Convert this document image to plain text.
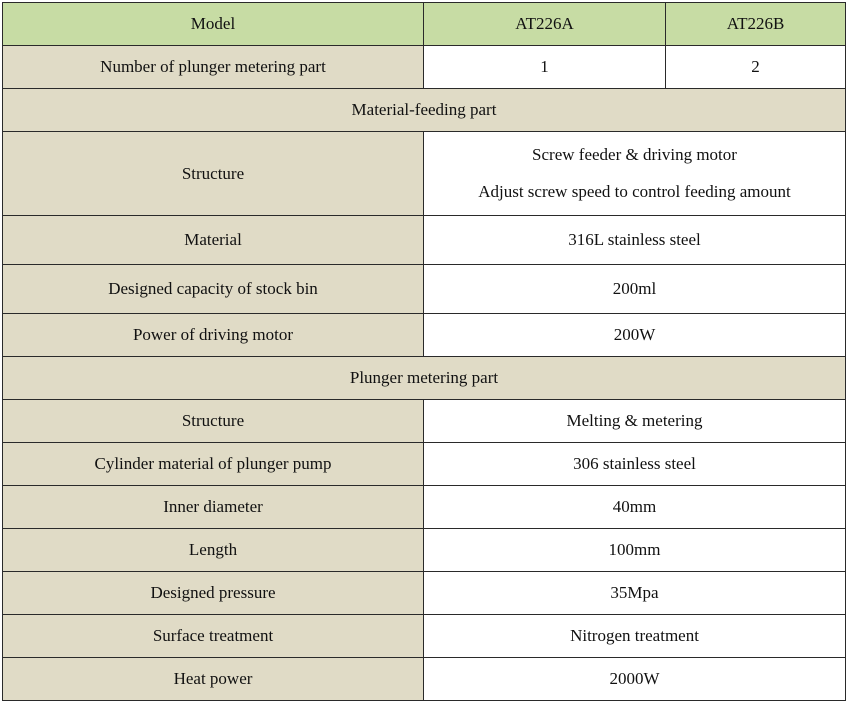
Model	AT226A	AT226B
Number of plunger metering part	1	2
Material-feeding part		
Structure	Screw feeder & driving motor
Adjust screw speed to control feeding amount	

Material	316L stainless steel	
Designed capacity of stock bin	200ml	
Power of driving motor	200W	
Plunger metering part		
Structure	Melting & metering	
Cylinder material of plunger pump	306 stainless steel	
Inner diameter	40mm	
Length	100mm	
Designed pressure	35Mpa	
Surface treatment	Nitrogen treatment	
Heat power	2000W	
